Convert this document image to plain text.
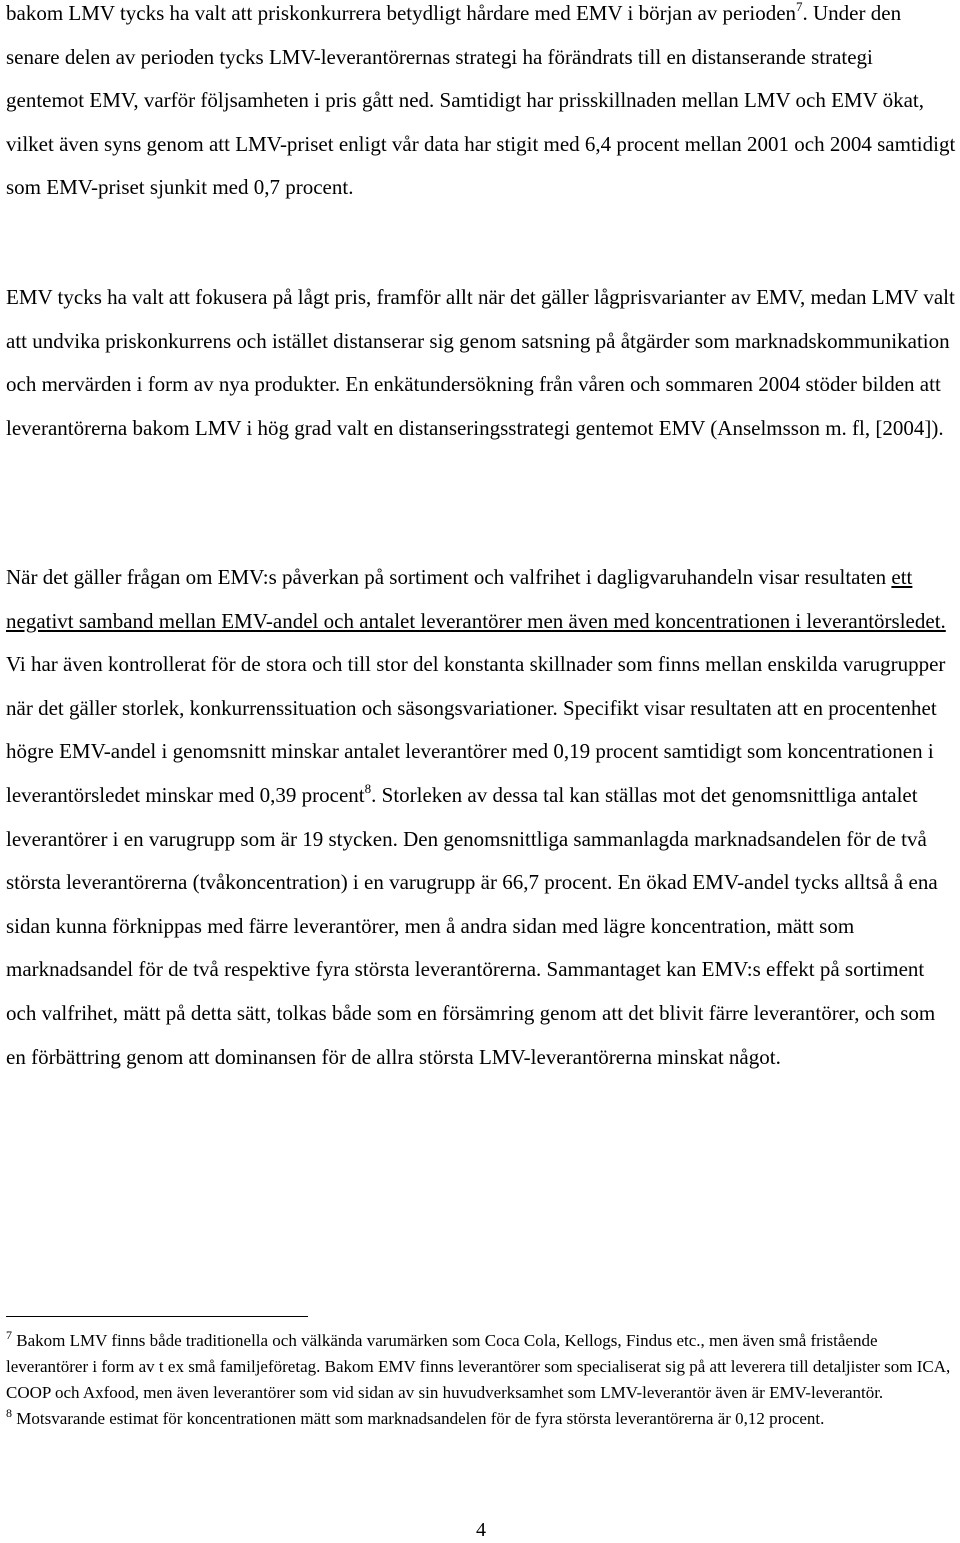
bakom LMV tycks ha valt att priskonkurrera betydligt hårdare med EMV i början av perioden$^7$. Under den senare delen av perioden tycks LMV-leverantörernas strategi ha förändrats till en distanserande strategi gentemot EMV, varför följsamheten i pris gått ned. Samtidigt har prisskillnaden mellan LMV och EMV ökat, vilket även syns genom att LMV-priset enligt vår data har stigit med 6,4 procent mellan 2001 och 2004 samtidigt som EMV-priset sjunkit med 0,7 procent.

EMV tycks ha valt att fokusera på lågt pris, framför allt när det gäller lågprisvarianter av EMV, medan LMV valt att undvika priskonkurrens och istället distanserar sig genom satsning på åtgärder som marknadskommunikation och mervärden i form av nya produkter. En enkätundersökning från våren och sommaren 2004 stöder bilden att leverantörerna bakom LMV i hög grad valt en distanseringsstrategi gentemot EMV (Anselmsson m. fl, [2004]).

När det gäller frågan om EMV:s påverkan på sortiment och valfrihet i dagligvaruhandeln visar resultaten ett negativt samband mellan EMV-andel och antalet leverantörer men även med koncentrationen i leverantörsledet. Vi har även kontrollerat för de stora och till stor del konstanta skillnader som finns mellan enskilda varugrupper när det gäller storlek, konkurrenssituation och säsongsvariationer. Specifikt visar resultaten att en procentenhet högre EMV-andel i genomsnitt minskar antalet leverantörer med 0,19 procent samtidigt som koncentrationen i leverantörsledet minskar med 0,39 procent$^8$. Storleken av dessa tal kan ställas mot det genomsnittliga antalet leverantörer i en varugrupp som är 19 stycken. Den genomsnittliga sammanlagda marknadsandelen för de två största leverantörerna (tvåkoncentration) i en varugrupp är 66,7 procent. En ökad EMV-andel tycks alltså å ena sidan kunna förknippas med färre leverantörer, men å andra sidan med lägre koncentration, mätt som marknadsandel för de två respektive fyra största leverantörerna. Sammantaget kan EMV:s effekt på sortiment och valfrihet, mätt på detta sätt, tolkas både som en försämring genom att det blivit färre leverantörer, och som en förbättring genom att dominansen för de allra största LMV-leverantörerna minskat något.

$^7$ Bakom LMV finns både traditionella och välkända varumärken som Coca Cola, Kellogs, Findus etc., men även små fristående leverantörer i form av t ex små familjeföretag. Bakom EMV finns leverantörer som specialiserat sig på att leverera till detaljister som ICA, COOP och Axfood, men även leverantörer som vid sidan av sin huvudverksamhet som LMV-leverantör även är EMV-leverantör.

$^8$ Motsvarande estimat för koncentrationen mätt som marknadsandelen för de fyra största leverantörerna är 0,12 procent.

4
